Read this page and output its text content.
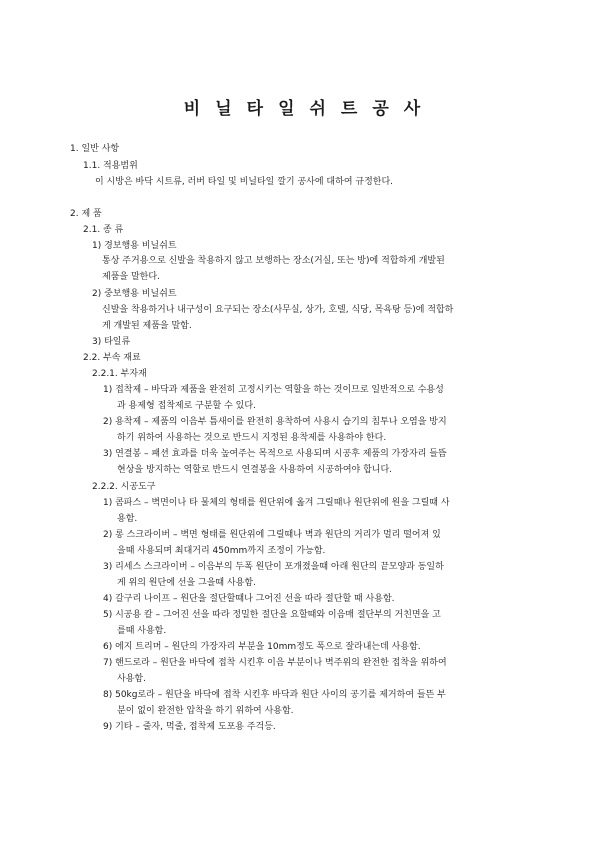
비닐타일쉬트공사
1. 일반 사항
1.1. 적용범위
이 시방은 바닥 시트류, 러버 타일 및 비닐타일 깔기 공사에 대하여 규정한다.
2. 제 품
2.1. 종 류
1) 경보행용 비닐쉬트
통상 주거용으로 신발을 착용하지 않고 보행하는 장소(거실, 또는 방)에 적합하게 개발된
제품을 말한다.
2) 중보행용 비닐쉬트
신발을 착용하거나 내구성이 요구되는 장소(사무실, 상가, 호텔, 식당, 목욕탕 등)에 적합하
게 개발된 제품을 말함.
3) 타일류
2.2. 부속 재료
2.2.1. 부자재
1) 접착제 – 바닥과 제품을 완전히 고정시키는 역할을 하는 것이므로 일반적으로 수용성
과 용제형 접착제로 구분할 수 있다.
2) 용착제 – 제품의 이음부 틈새이를 완전히 용착하여 사용시 습기의 침투나 오염을 방지
하기 위하여 사용하는 것으로 반드시 지정된 용착제를 사용하야 한다.
3) 연결봉 – 패션 효과를 더욱 높여주는 목적으로 사용되며 시공후 제품의 가장자리 들뜸
현상을 방지하는 역할로 반드시 연결봉을 사용하여 시공하여야 합니다.
2.2.2. 시공도구
1) 콤파스 – 벽면이나 타 물체의 형태를 원단위에 옮겨 그릴때나 원단위에 원을 그릴때 사
용함.
2) 롱 스크라이버 – 벽면 형태를 원단위에 그릴때나 벽과 원단의 거리가 멀리 떨어져 있
을때 사용되며 최대거리 450mm까지 조정이 가능함.
3) 리세스 스크라이버 – 이음부의 두폭 원단이 포개졌을때 아래 원단의 끝모양과 동일하
게 위의 원단에 선을 그을때 사용함.
4) 갈구리 나이프 – 원단을 절단할때나 그어진 선을 따라 절단할 때 사용함.
5) 시공용 칼 – 그어진 선을 따라 정밀한 절단을 요할때와 이음매 절단부의 거친면을 고
를때 사용함.
6) 에지 트리머 – 원단의 가장자리 부분을 10mm정도 폭으로 잘라내는데 사용함.
7) 핸드로라 – 원단을 바닥에 접착 시킨후 이음 부분이나 벽주위의 완전한 접착을 위하여
사용함.
8) 50kg로라 – 원단을 바닥에 접착 시킨후 바닥과 원단 사이의 공기를 제거하여 들뜬 부
분이 없이 완전한 압착을 하기 위하여 사용함.
9) 기타 – 줄자, 먹줄, 접착제 도포용 주걱등.
